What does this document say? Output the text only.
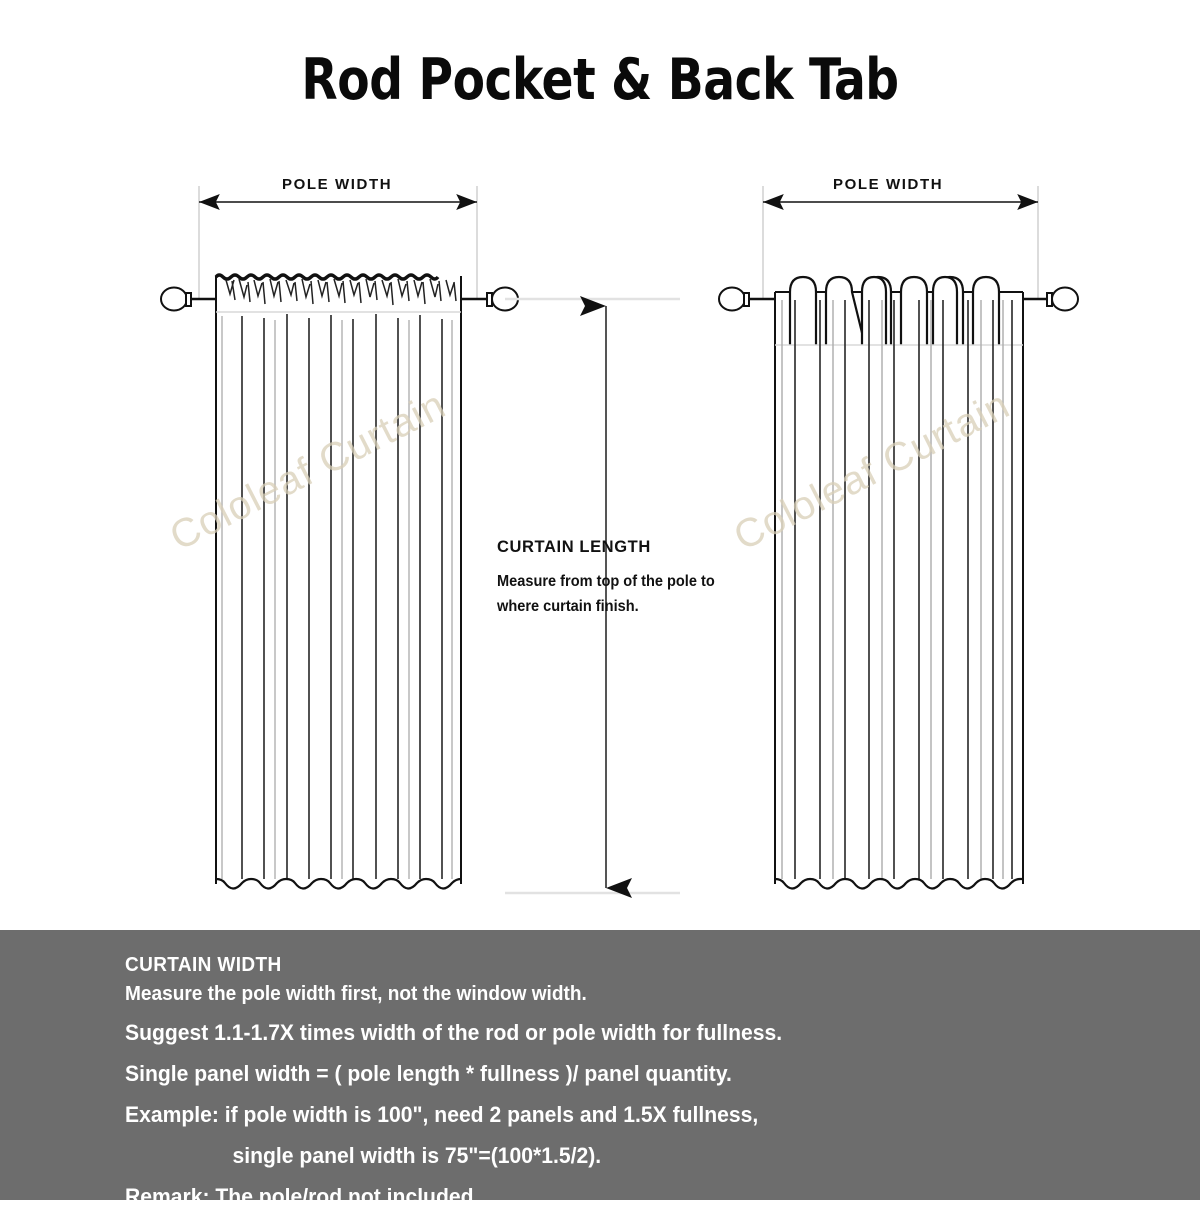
Rod Pocket & Back Tab
Cololeaf Curtain	Cololeaf Curtain
POLE WIDTH	POLE WIDTH
CURTAIN LENGTH
Measure from top of the pole to
where curtain finish.
CURTAIN WIDTH
Measure the pole width first, not the window width.
Suggest 1.1-1.7X times width of the rod or pole width for fullness.
Single panel width = ( pole length * fullness )/ panel quantity.
Example: if pole width is 100", need 2 panels and 1.5X fullness,
single panel width is 75"=(100*1.5/2).
Remark: The pole/rod not included.
